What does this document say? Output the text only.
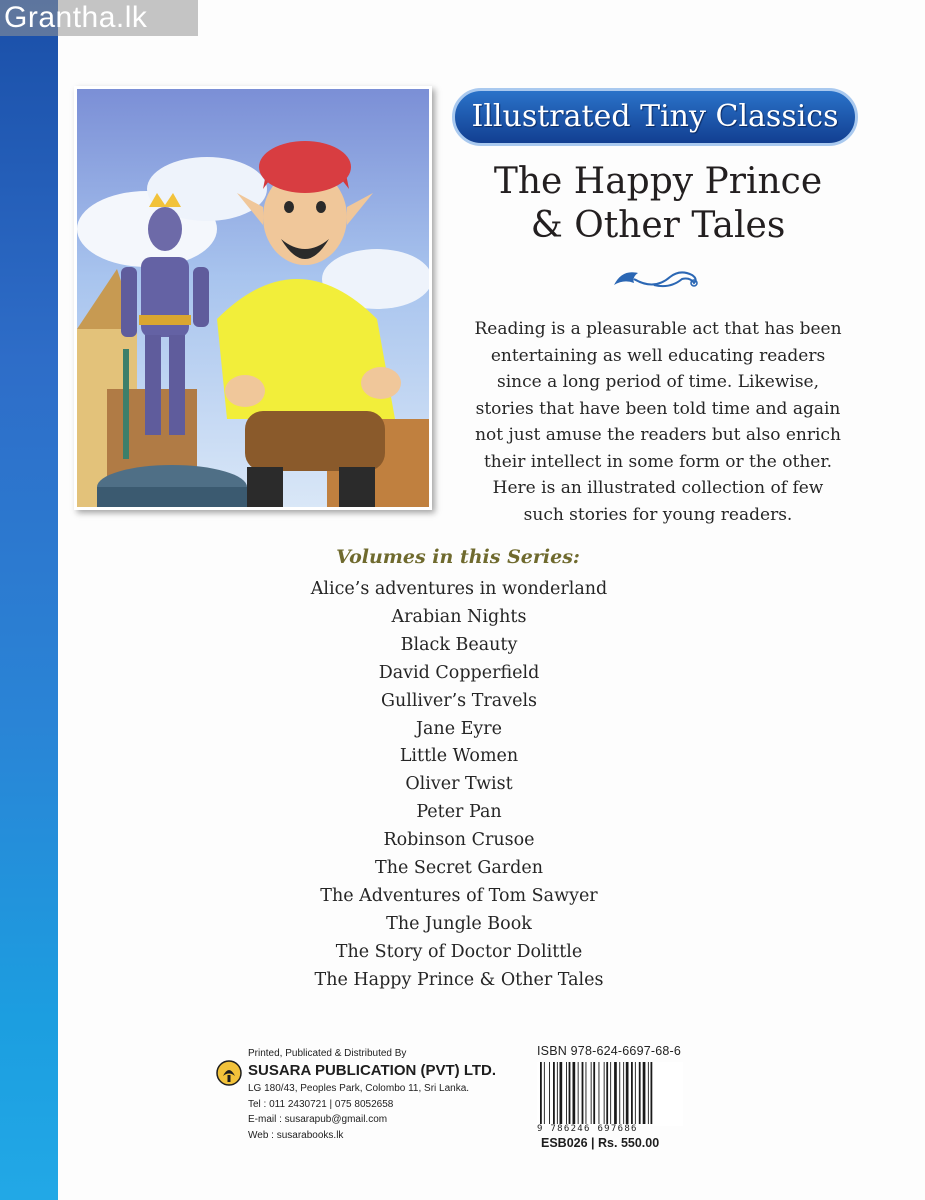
Grantha.lk
Illustrated Tiny Classics
The Happy Prince
& Other Tales
Reading is a pleasurable act that has been
entertaining as well educating readers
since a long period of time. Likewise,
stories that have been told time and again
not just amuse the readers but also enrich
their intellect in some form or the other.
Here is an illustrated collection of few
such stories for young readers.
Volumes in this Series:
Alice’s adventures in wonderland
Arabian Nights
Black Beauty
David Copperfield
Gulliver’s Travels
Jane Eyre
Little Women
Oliver Twist
Peter Pan
Robinson Crusoe
The Secret Garden
The Adventures of Tom Sawyer
The Jungle Book
The Story of Doctor Dolittle
The Happy Prince & Other Tales
Printed, Publicated & Distributed By
SUSARA PUBLICATION (PVT) LTD.
LG 180/43, Peoples Park, Colombo 11, Sri Lanka.
Tel : 011 2430721 | 075 8052658
E-mail : susarapub@gmail.com
Web : susarabooks.lk
ISBN 978-624-6697-68-6
9 786246 697686
ESB026 | Rs. 550.00
